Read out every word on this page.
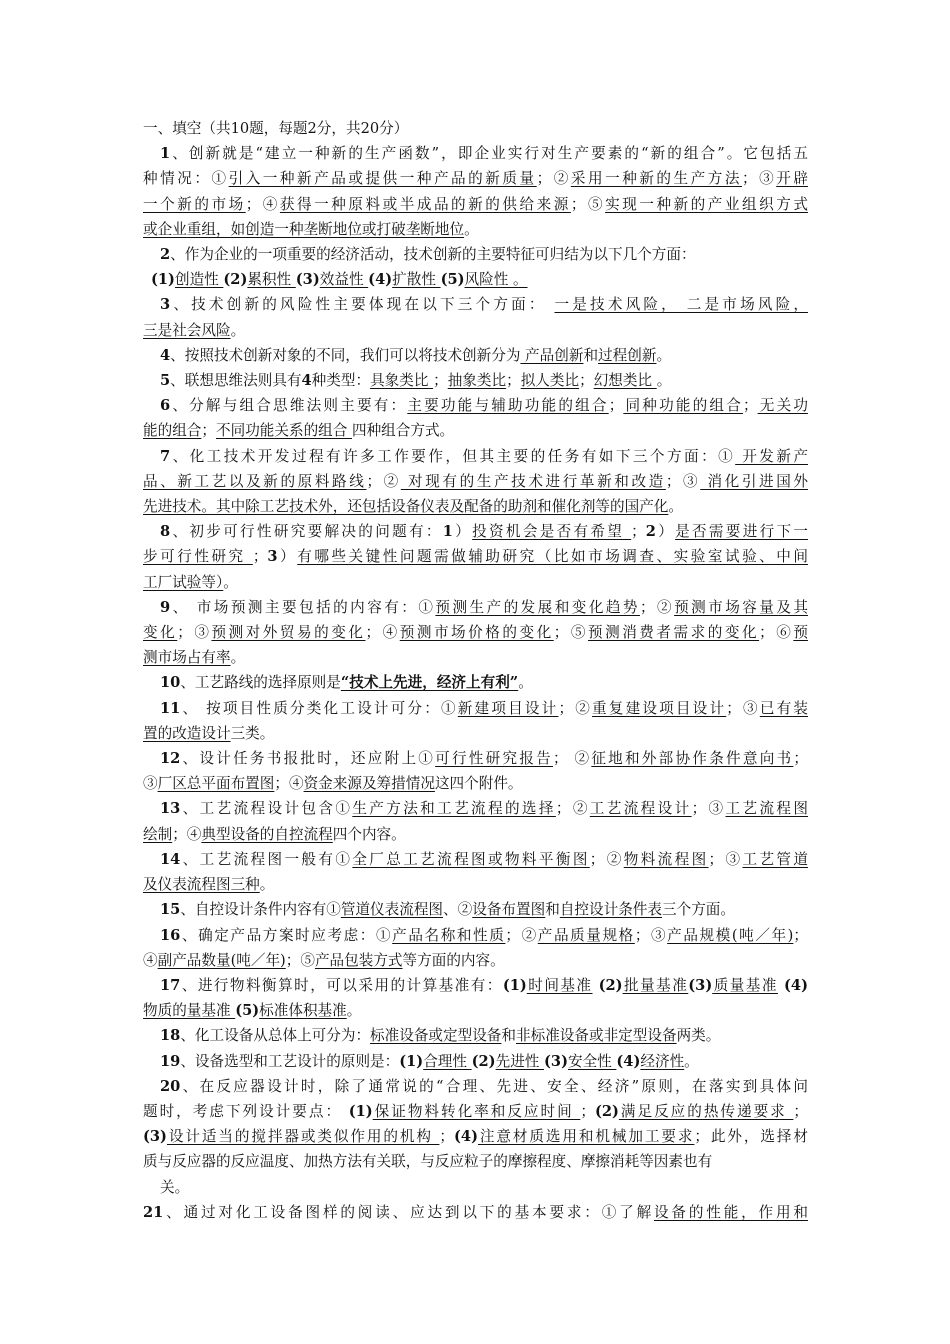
一、填空（共10题，每题2分，共20分）
1、创新就是“建立一种新的生产函数”，即企业实行对生产要素的“新的组合”。它包括五
种情况：①引入一种新产品或提供一种产品的新质量；②采用一种新的生产方法；③开辟
一个新的市场；④获得一种原料或半成品的新的供给来源；⑤实现一种新的产业组织方式
或企业重组，如创造一种垄断地位或打破垄断地位。
2、作为企业的一项重要的经济活动，技术创新的主要特征可归结为以下几个方面：
(1)创造性 (2)累积性 (3)效益性 (4)扩散性 (5)风险性 。
3、技术创新的风险性主要体现在以下三个方面： 一是技术风险， 二是市场风险，
三是社会风险。
4、按照技术创新对象的不同，我们可以将技术创新分为 产品创新和过程创新。
5、联想思维法则具有4种类型：具象类比 ；抽象类比；拟人类比；幻想类比 。
6、分解与组合思维法则主要有：主要功能与辅助功能的组合；同种功能的组合；无关功
能的组合；不同功能关系的组合 四种组合方式。
7、化工技术开发过程有许多工作要作，但其主要的任务有如下三个方面：① 开发新产
品、新工艺以及新的原料路线；② 对现有的生产技术进行革新和改造；③ 消化引进国外
先进技术。其中除工艺技术外，还包括设备仪表及配备的助剂和催化剂等的国产化。
8、初步可行性研究要解决的问题有：1）投资机会是否有希望 ；2）是否需要进行下一
步可行性研究 ；3）有哪些关键性问题需做辅助研究（比如市场调查、实验室试验、中间
工厂试验等）。
9、 市场预测主要包括的内容有：①预测生产的发展和变化趋势；②预测市场容量及其
变化；③预测对外贸易的变化；④预测市场价格的变化；⑤预测消费者需求的变化；⑥预
测市场占有率。
10、工艺路线的选择原则是“技术上先进，经济上有利”。
11、 按项目性质分类化工设计可分：①新建项目设计；②重复建设项目设计；③已有装
置的改造设计三类。
12、设计任务书报批时，还应附上①可行性研究报告； ②征地和外部协作条件意向书；
③厂区总平面布置图；④资金来源及筹措情况这四个附件。
13、工艺流程设计包含①生产方法和工艺流程的选择；②工艺流程设计；③工艺流程图
绘制；④典型设备的自控流程四个内容。
14、工艺流程图一般有①全厂总工艺流程图或物料平衡图；②物料流程图；③工艺管道
及仪表流程图三种。
15、自控设计条件内容有①管道仪表流程图、②设备布置图和自控设计条件表三个方面。
16、确定产品方案时应考虑：①产品名称和性质；②产品质量规格；③产品规模(吨／年)；
④副产品数量(吨／年)；⑤产品包装方式等方面的内容。
17、进行物料衡算时，可以采用的计算基准有：(1)时间基准 (2)批量基准(3)质量基准 (4)
物质的量基准 (5)标准体积基准。
18、化工设备从总体上可分为：标准设备或定型设备和非标准设备或非定型设备两类。
19、设备选型和工艺设计的原则是：(1)合理性 (2)先进性 (3)安全性 (4)经济性。
20、在反应器设计时，除了通常说的“合理、先进、安全、经济”原则，在落实到具体问
题时，考虑下列设计要点： (1)保证物料转化率和反应时间 ；(2)满足反应的热传递要求 ；
(3)设计适当的搅拌器或类似作用的机构 ；(4)注意材质选用和机械加工要求；此外，选择材
质与反应器的反应温度、加热方法有关联，与反应粒子的摩擦程度、摩擦消耗等因素也有
关。
21、通过对化工设备图样的阅读、应达到以下的基本要求：①了解设备的性能，作用和
